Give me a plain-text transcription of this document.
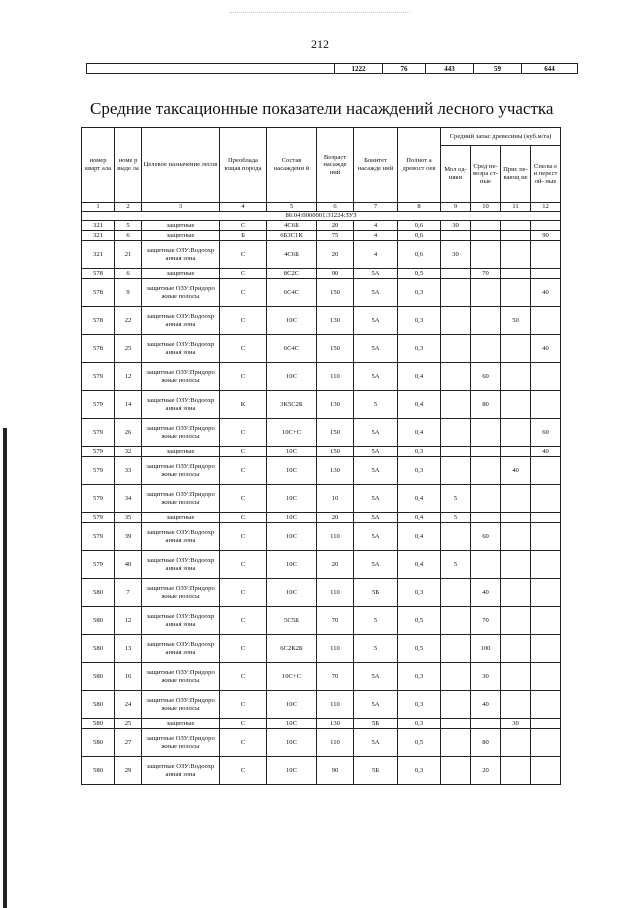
212
	1222	76	443	59	644
Средние таксационные показатели насаждений лесного участка
номер кварт ала	номе р выде ла	Целевое назначение лесов	Преоблада ющая порода	Состав насаждени й	Возраст насажде ний	Бонитет насажде ний	Полнот а древост оев	Средний запас древесины (куб.м/га)			
								Мол од- няки	Сред не- возра ст- ные	Прис пе- вающ ие	Спелы е и перест ой- ные
1	2	3	4	5	6	7	8	9	10	11	12
86:04:0000001:31224:ЗУЗ											
321	5	защитные	С	4С6Б	20	4	0,6	30			
321	6	защитные	Б	6Б3С1К	75	4	0,6				90
321	21	защитные ОЗУ:Водоохр анная зона	С	4С6Б	20	4	0,6	30			
578	6	защитные	С	8С2С	90	5А	0,5		70		
578	9	защитные ОЗУ:Придоро жные полосы	С	6С4С	150	5А	0,3				40
578	22	защитные ОЗУ:Водоохр анная зона	С	10С	130	5А	0,3			50	
578	25	защитные ОЗУ:Водоохр анная зона	С	6С4С	150	5А	0,3				40
579	12	защитные ОЗУ:Придоро жные полосы	С	10С	110	5А	0,4		60		
579	14	защитные ОЗУ:Водоохр анная зона	К	3К5С2Б	130	5	0,4		80		
579	26	защитные ОЗУ:Придоро жные полосы	С	10С+С	150	5А	0,4				60
579	32	защитные	С	10С	150	5А	0,3				40
579	33	защитные ОЗУ:Придоро жные полосы	С	10С	130	5А	0,3			40	
579	34	защитные ОЗУ:Придоро жные полосы	С	10С	10	5А	0,4	5			
579	35	защитные	С	10С	20	5А	0,4	5			
579	39	защитные ОЗУ:Водоохр анная зона	С	10С	110	5А	0,4		60		
579	40	защитные ОЗУ:Водоохр анная зона	С	10С	20	5А	0,4	5			
580	7	защитные ОЗУ:Придоро жные полосы	С	10С	110	5Б	0,3		40		
580	12	защитные ОЗУ:Водоохр анная зона	С	5С5Б	70	5	0,5		70		
580	13	защитные ОЗУ:Водоохр анная зона	С	6С2К2Б	110	5	0,5		100		
580	16	защитные ОЗУ:Придоро жные полосы	С	10С+С	70	5А	0,3		30		
580	24	защитные ОЗУ:Придоро жные полосы	С	10С	110	5А	0,3		40		
580	25	защитные	С	10С	130	5Б	0,3			30	
580	27	защитные ОЗУ:Придоро жные полосы	С	10С	110	5А	0,5		80		
580	29	защитные ОЗУ:Водоохр анная зона	С	10С	90	5Б	0,3		20		
